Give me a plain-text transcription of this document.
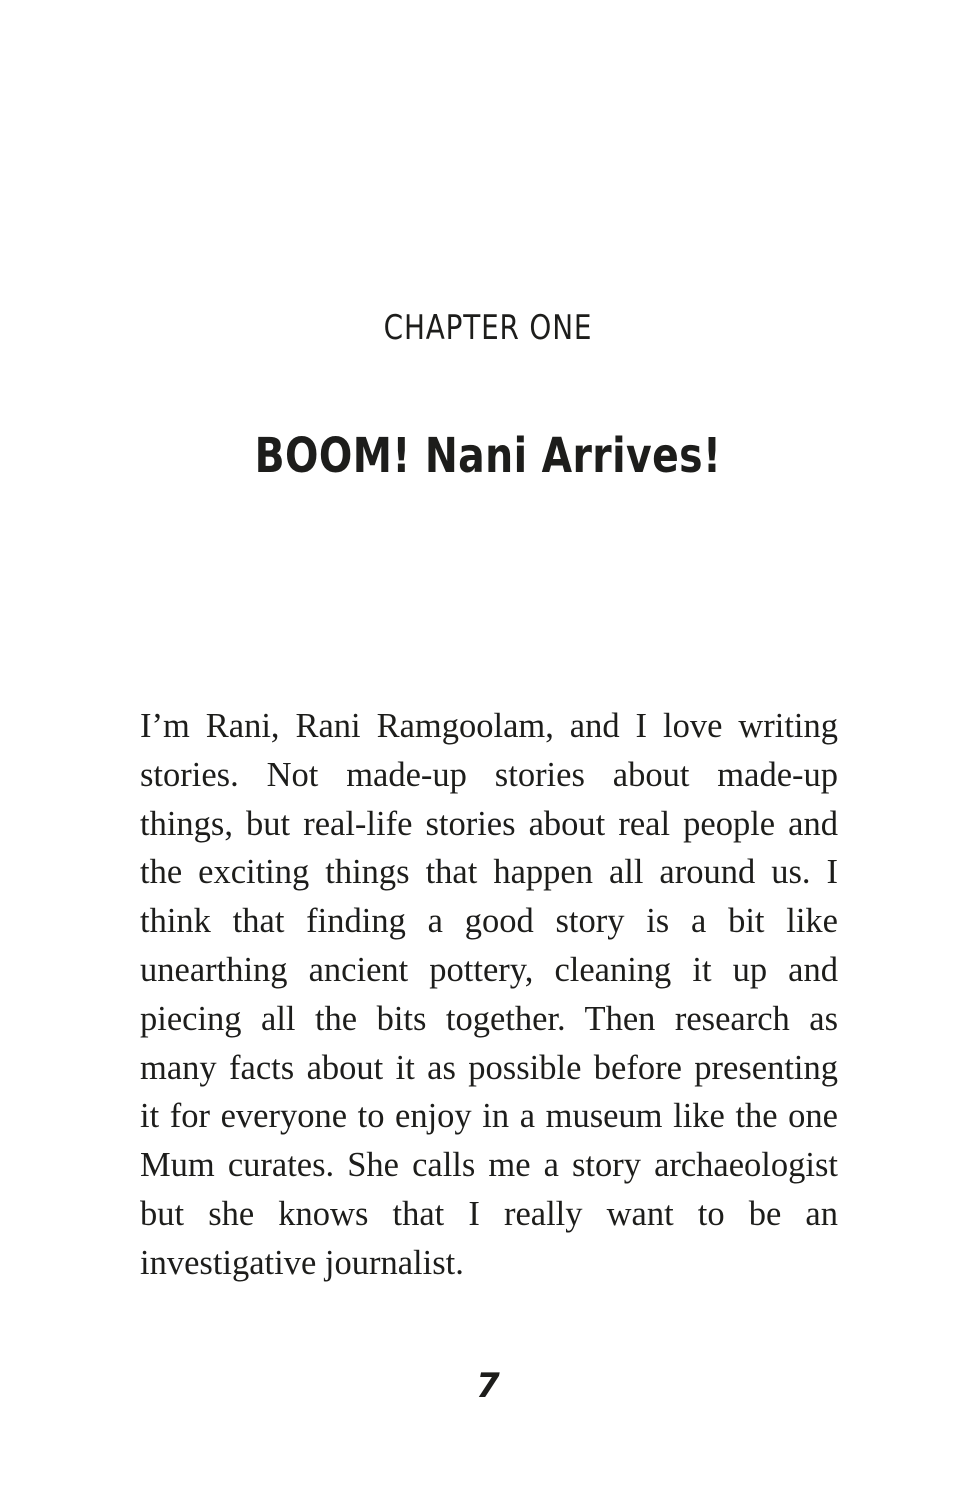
CHAPTER ONE
BOOM! Nani Arrives!

I’m Rani, Rani Ramgoolam, and I love writing stories. Not made-up stories about made-up things, but real-life stories about real people and the exciting things that happen all around us. I think that finding a good story is a bit like unearthing ancient pottery, cleaning it up and piecing all the bits together. Then research as many facts about it as possible before presenting it for everyone to enjoy in a museum like the one Mum curates. She calls me a story archaeologist but she knows that I really want to be an investigative journalist.

7
